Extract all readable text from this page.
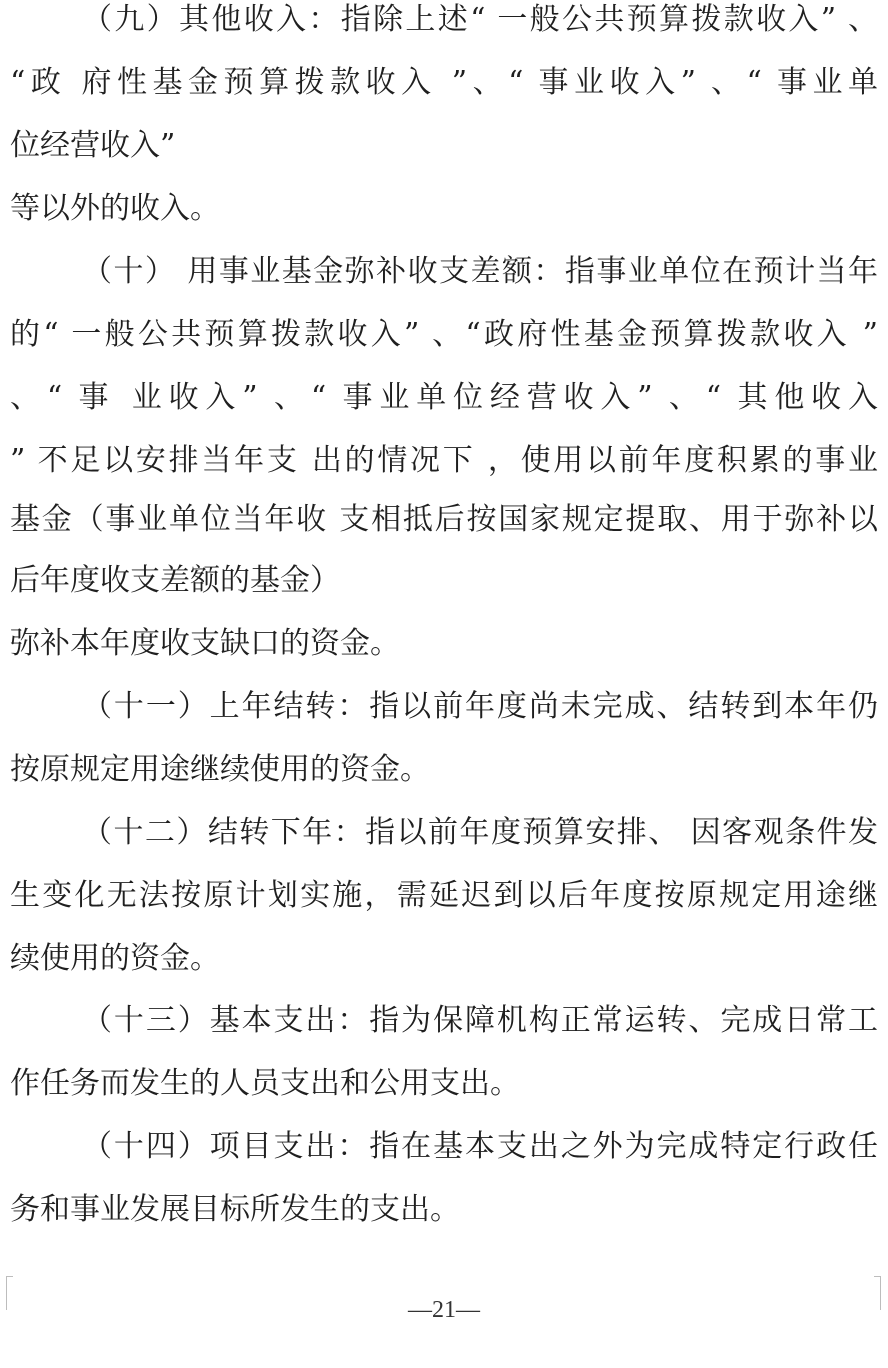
（九）其他收入：指除上述“ 一般公共预算拨款收入” 、
“政 府性基金预算拨款收入 ”、“ 事业收入” 、“ 事业单
位经营收入”
等以外的收入。
（十） 用事业基金弥补收支差额：指事业单位在预计当年
的“ 一般公共预算拨款收入” 、“政府性基金预算拨款收入 ”
、“ 事 业收入” 、“ 事业单位经营收入” 、“ 其他收入
” 不足以安排当年支 出的情况下 ，使用以前年度积累的事业
基金（事业单位当年收 支相抵后按国家规定提取、用于弥补以
后年度收支差额的基金）
弥补本年度收支缺口的资金。
（十一）上年结转：指以前年度尚未完成、结转到本年仍
按原规定用途继续使用的资金。
（十二）结转下年：指以前年度预算安排、 因客观条件发
生变化无法按原计划实施，需延迟到以后年度按原规定用途继
续使用的资金。
（十三）基本支出：指为保障机构正常运转、完成日常工
作任务而发生的人员支出和公用支出。
（十四）项目支出：指在基本支出之外为完成特定行政任
务和事业发展目标所发生的支出。
—21—
